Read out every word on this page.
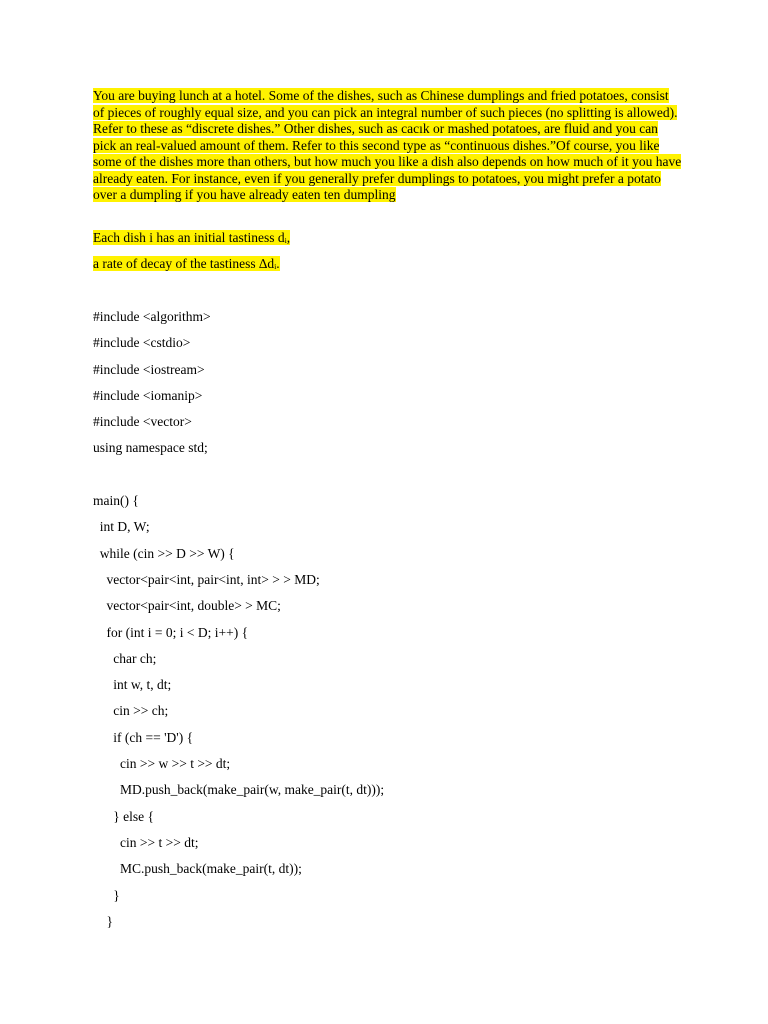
You are buying lunch at a hotel. Some of the dishes, such as Chinese dumplings and fried potatoes, consist of pieces of roughly equal size, and you can pick an integral number of such pieces (no splitting is allowed). Refer to these as “discrete dishes.” Other dishes, such as cacık or mashed potatoes, are fluid and you can pick an real-valued amount of them. Refer to this second type as “continuous dishes.”Of course, you like some of the dishes more than others, but how much you like a dish also depends on how much of it you have already eaten. For instance, even if you generally prefer dumplings to potatoes, you might prefer a potato over a dumpling if you have already eaten ten dumpling

Each dish i has an initial tastiness dᵢ,
a rate of decay of the tastiness ∆dᵢ.
#include <algorithm>
#include <cstdio>
#include <iostream>
#include <iomanip>
#include <vector>
using namespace std;
main() {
int D, W;
while (cin >> D >> W) {
vector<pair<int, pair<int, int> > > MD;
vector<pair<int, double> > MC;
for (int i = 0; i < D; i++) {
char ch;
int w, t, dt;
cin >> ch;
if (ch == 'D') {
cin >> w >> t >> dt;
MD.push_back(make_pair(w, make_pair(t, dt)));
} else {
cin >> t >> dt;
MC.push_back(make_pair(t, dt));
}
}
